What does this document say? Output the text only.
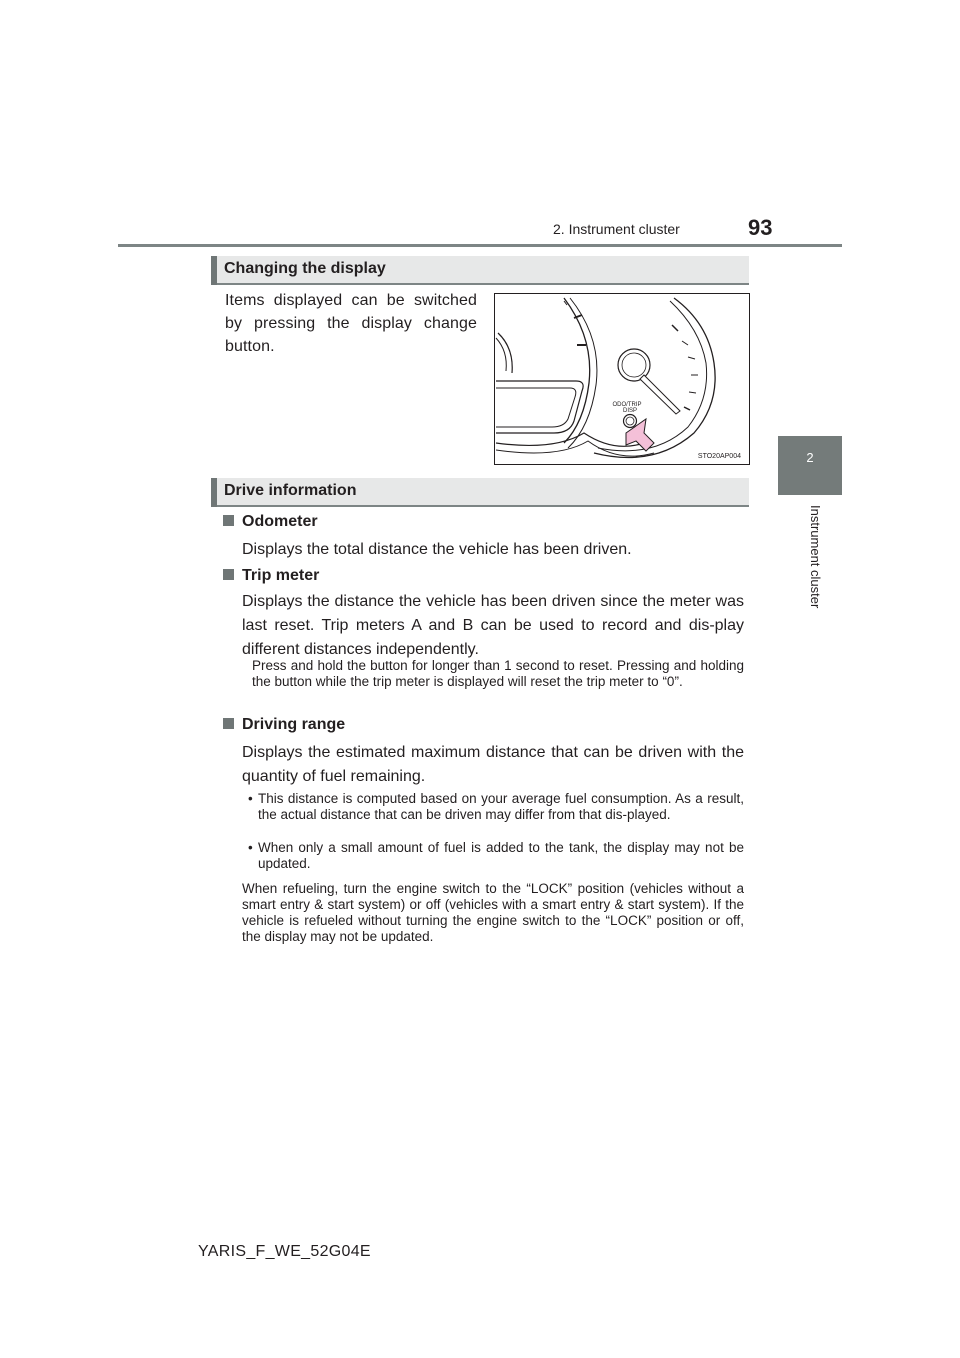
2. Instrument cluster	93
2
Instrument cluster
Changing the display
Items displayed can be switched by pressing the display change button.
ODO/TRIP
DISP
STO20AP004
Drive information
Odometer
Displays the total distance the vehicle has been driven.
Trip meter
Displays the distance the vehicle has been driven since the meter was last reset. Trip meters A and B can be used to record and dis-play different distances independently.
Press and hold the button for longer than 1 second to reset. Pressing and holding the button while the trip meter is displayed will reset the trip meter to “0”.
Driving range
Displays the estimated maximum distance that can be driven with the quantity of fuel remaining.
• This distance is computed based on your average fuel consumption. As a result, the actual distance that can be driven may differ from that dis-played.
• When only a small amount of fuel is added to the tank, the display may not be updated.
When refueling, turn the engine switch to the “LOCK” position (vehicles without a smart entry & start system) or off (vehicles with a smart entry & start system). If the vehicle is refueled without turning the engine switch to the “LOCK” position or off, the display may not be updated.
YARIS_F_WE_52G04E
